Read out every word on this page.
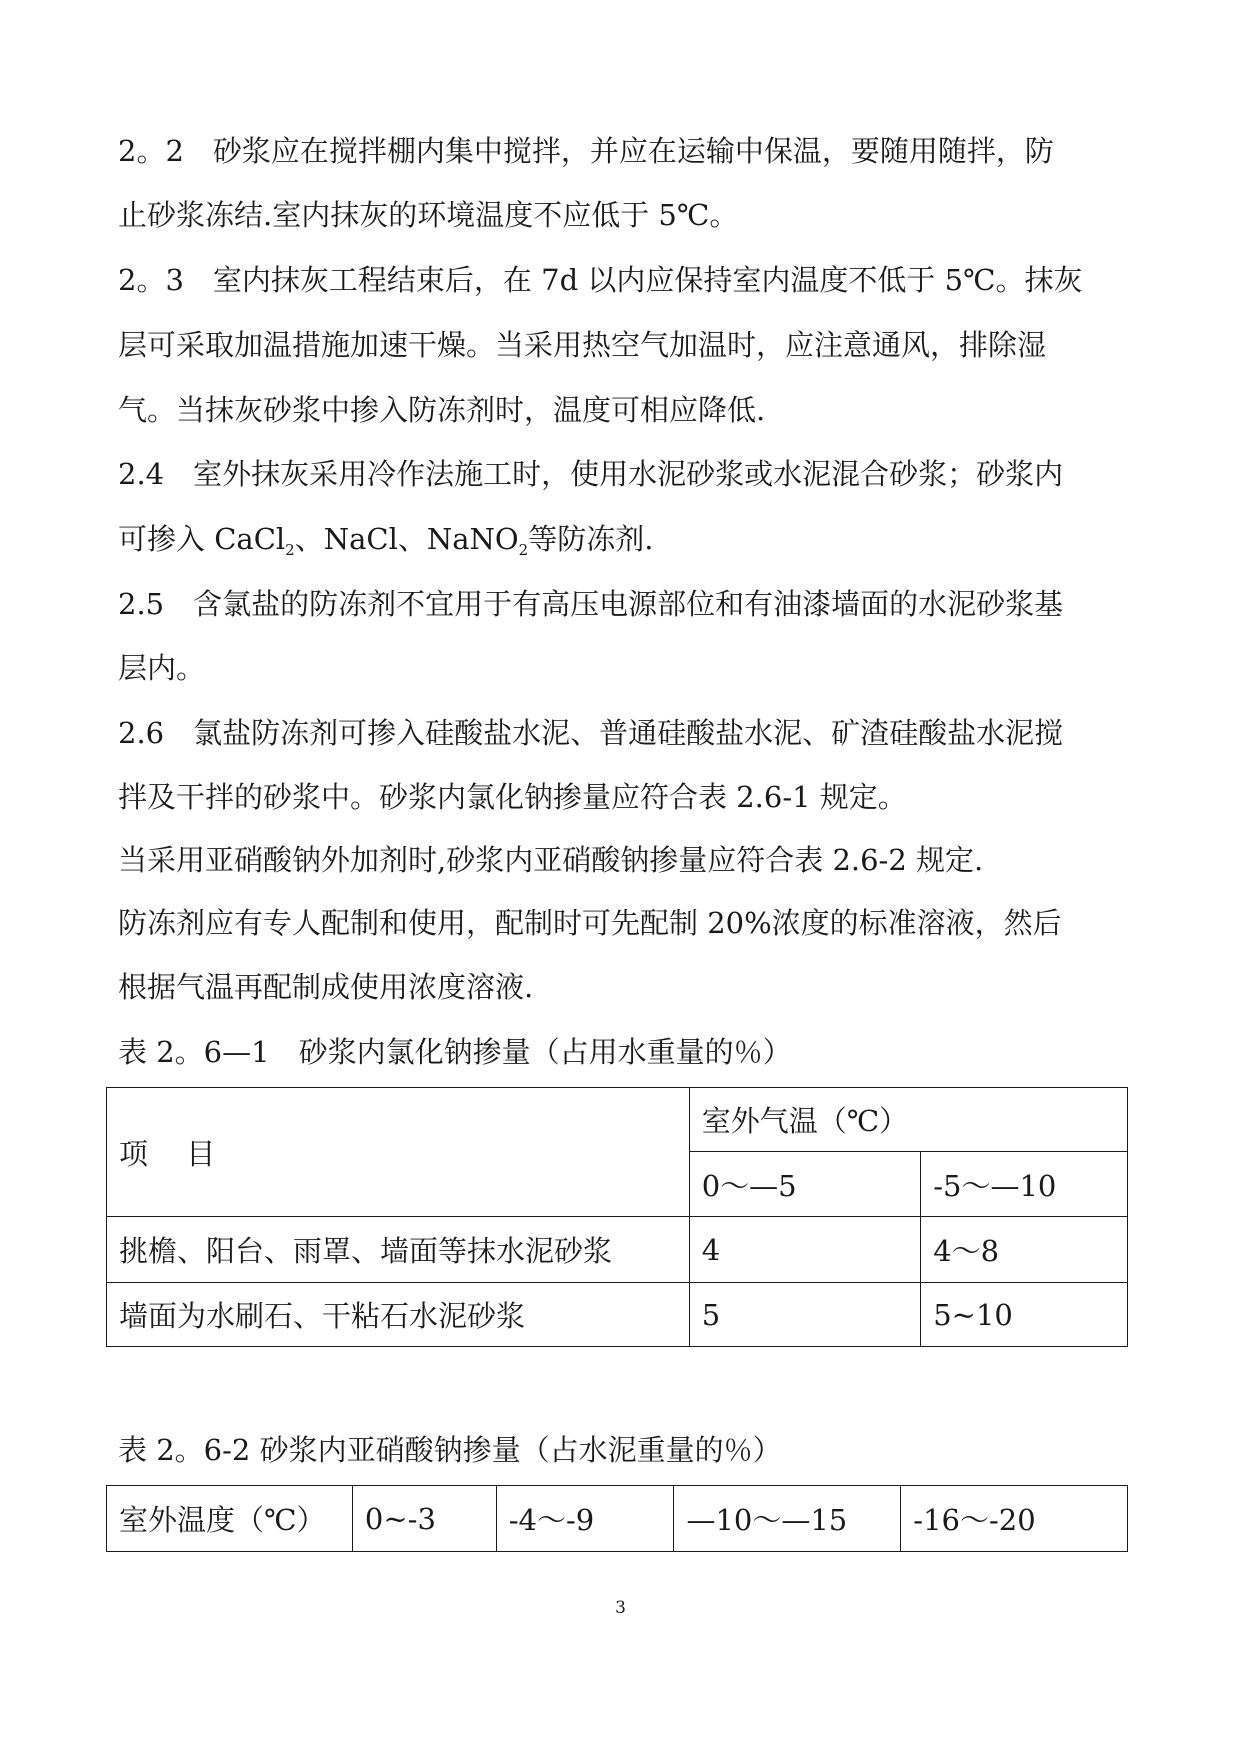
2。2　砂浆应在搅拌棚内集中搅拌，并应在运输中保温，要随用随拌，防

止砂浆冻结.室内抹灰的环境温度不应低于 5℃。

2。3　室内抹灰工程结束后，在 7d 以内应保持室内温度不低于 5℃。抹灰

层可采取加温措施加速干燥。当采用热空气加温时，应注意通风，排除湿

气。当抹灰砂浆中掺入防冻剂时，温度可相应降低.

2.4　室外抹灰采用冷作法施工时，使用水泥砂浆或水泥混合砂浆；砂浆内

可掺入 CaCl$_2$、NaCl、NaNO$_2$等防冻剂.

2.5　含氯盐的防冻剂不宜用于有高压电源部位和有油漆墙面的水泥砂浆基

层内。

2.6　氯盐防冻剂可掺入硅酸盐水泥、普通硅酸盐水泥、矿渣硅酸盐水泥搅

拌及干拌的砂浆中。砂浆内氯化钠掺量应符合表 2.6-1 规定。

当采用亚硝酸钠外加剂时,砂浆内亚硝酸钠掺量应符合表 2.6-2 规定.

防冻剂应有专人配制和使用，配制时可先配制 20%浓度的标准溶液，然后

根据气温再配制成使用浓度溶液.

表 2。6—1　砂浆内氯化钠掺量（占用水重量的％）

项　 目	室外气温（℃）	
	0～—5	-5～—10
挑檐、阳台、雨罩、墙面等抹水泥砂浆	4	4～8
墙面为水刷石、干粘石水泥砂浆	5	5~10

表 2。6-2 砂浆内亚硝酸钠掺量（占水泥重量的％）

室外温度（℃）	0~-3	-4～-9	—10～—15	-16～-20
3
